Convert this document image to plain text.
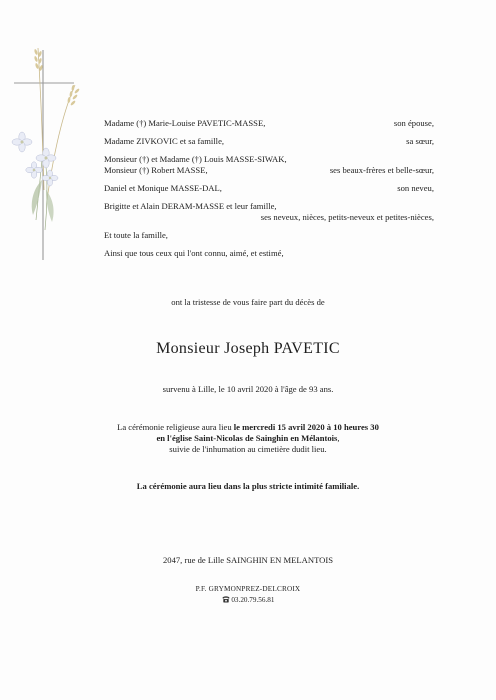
Madame (†) Marie-Louise PAVETIC-MASSE,	son épouse,
Madame ZIVKOVIC et sa famille,	sa sœur,
Monsieur (†) et Madame (†) Louis MASSE-SIWAK,
Monsieur (†) Robert MASSE,	ses beaux-frères et belle-sœur,
Daniel et Monique MASSE-DAL,	son neveu,
Brigitte et Alain DERAM-MASSE et leur famille,
ses neveux, nièces, petits-neveux et petites-nièces,
Et toute la famille,
Ainsi que tous ceux qui l'ont connu, aimé, et estimé,
ont la tristesse de vous faire part du décès de
Monsieur Joseph PAVETIC
survenu à Lille, le 10 avril 2020 à l'âge de 93 ans.
La cérémonie religieuse aura lieu le mercredi 15 avril 2020 à 10 heures 30
en l'église Saint-Nicolas de Sainghin en Mélantois,
suivie de l'inhumation au cimetière dudit lieu.
La cérémonie aura lieu dans la plus stricte intimité familiale.
2047, rue de Lille SAINGHIN EN MELANTOIS
P.F. GRYMONPREZ-DELCROIX
03.20.79.56.81
